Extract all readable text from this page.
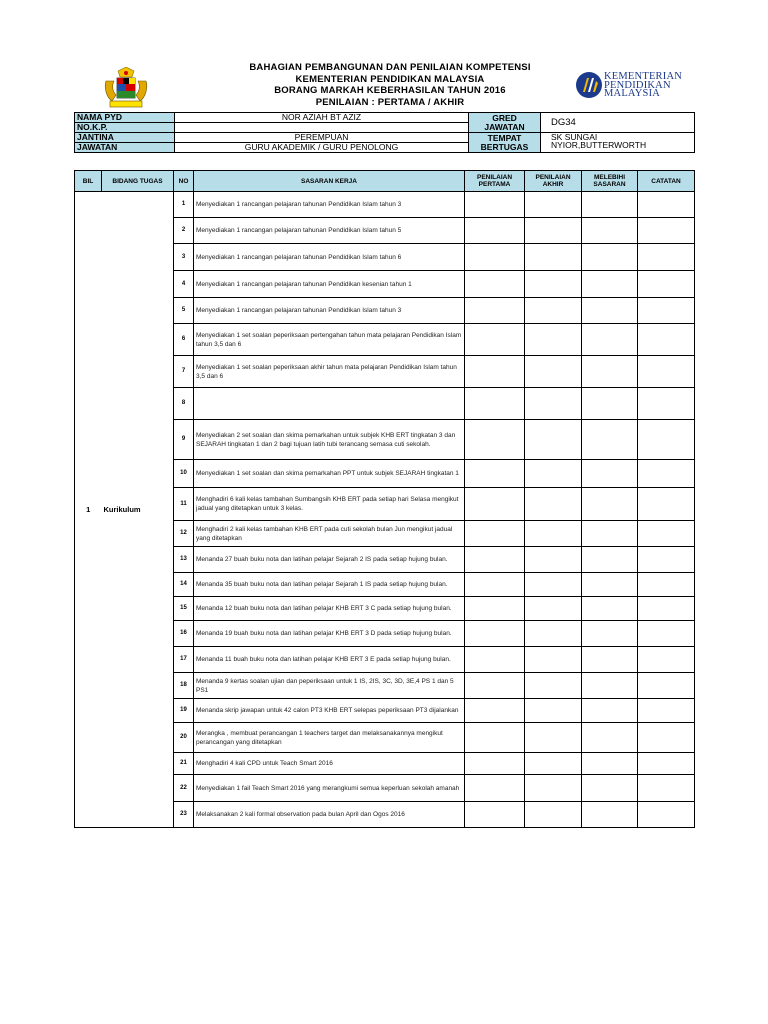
BAHAGIAN PEMBANGUNAN DAN PENILAIAN KOMPETENSI
KEMENTERIAN PENDIDIKAN MALAYSIA
BORANG MARKAH KEBERHASILAN TAHUN 2016
PENILAIAN : PERTAMA / AKHIR
KEMENTERIAN
PENDIDIKAN
MALAYSIA
NAMA PYD	NOR AZIAH BT AZIZ	GRED JAWATAN	DG34
NO.K.P.			
JANTINA	PEREMPUAN	TEMPAT BERTUGAS	SK SUNGAI NYIOR,BUTTERWORTH
JAWATAN	GURU AKADEMIK / GURU PENOLONG		
BIL	BIDANG TUGAS	NO	SASARAN KERJA	PENILAIAN PERTAMA	PENILAIAN AKHIR	MELEBIHI SASARAN	CATATAN
1	Kurikulum	1	Menyediakan 1 rancangan pelajaran tahunan Pendidikan Islam tahun 3				
		2	Menyediakan 1 rancangan pelajaran tahunan Pendidikan Islam tahun 5				
		3	Menyediakan 1 rancangan pelajaran tahunan Pendidikan Islam tahun 6				
		4	Menyediakan 1 rancangan pelajaran tahunan Pendidikan kesenian tahun 1				
		5	Menyediakan 1 rancangan pelajaran tahunan Pendidikan Islam tahun 3				
		6	Menyediakan 1 set soalan peperiksaan pertengahan tahun mata pelajaran Pendidikan Islam tahun 3,5 dan 6				
		7	Menyediakan 1 set soalan peperiksaan akhir tahun mata pelajaran Pendidikan Islam tahun 3,5 dan 6				
		8					
		9	Menyediakan 2 set soalan dan skima pemarkahan untuk subjek KHB ERT tingkatan 3 dan SEJARAH tingkatan 1 dan 2 bagi tujuan latih tubi terancang semasa cuti sekolah.				
		10	Menyediakan 1 set soalan dan skima pemarkahan PPT untuk subjek SEJARAH tingkatan 1				
		11	Menghadiri 6 kali kelas tambahan Sumbangsih KHB ERT pada setiap hari Selasa mengikut jadual yang ditetapkan untuk 3 kelas.				
		12	Menghadiri 2 kali kelas tambahan KHB ERT pada cuti sekolah bulan Jun mengikut jadual yang ditetapkan				
		13	Menanda 27 buah buku nota dan latihan pelajar Sejarah 2 IS pada setiap hujung bulan.				
		14	Menanda 35 buah buku nota dan latihan pelajar Sejarah 1 IS pada setiap hujung bulan.				
		15	Menanda 12 buah buku nota dan latihan pelajar KHB ERT 3 C pada setiap hujung bulan.				
		16	Menanda 19 buah buku nota dan latihan pelajar KHB ERT 3 D pada setiap hujung bulan.				
		17	Menanda 11 buah buku nota dan latihan pelajar KHB ERT 3 E pada setiap hujung bulan.				
		18	Menanda 9 kertas soalan ujian dan peperiksaan untuk 1 IS, 2IS, 3C, 3D, 3E,4 PS 1 dan 5 PS1				
		19	Menanda skrip jawapan untuk 42 calon PT3 KHB ERT selepas peperiksaan PT3 dijalankan				
		20	Merangka , membuat perancangan 1 teachers target dan melaksanakannya mengikut perancangan yang ditetapkan				
		21	Menghadiri 4 kali CPD untuk Teach Smart 2016				
		22	Menyediakan 1 fail Teach Smart 2016 yang merangkumi semua keperluan sekolah amanah				
		23	Melaksanakan 2 kali formal observation pada bulan April dan Ogos 2016				
